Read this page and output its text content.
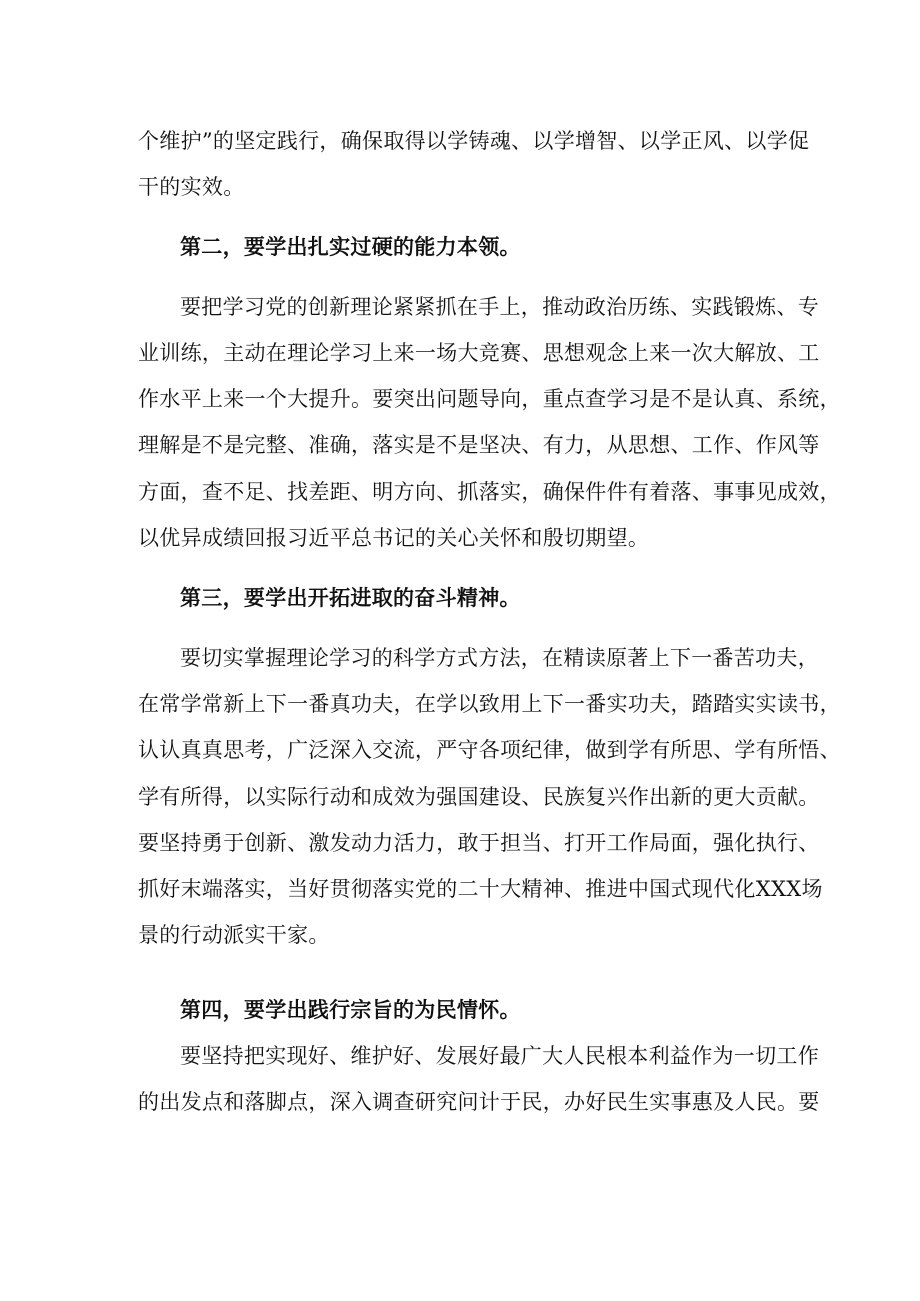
个维护”的坚定践行，确保取得以学铸魂、以学增智、以学正风、以学促
干的实效。
第二，要学出扎实过硬的能力本领。
要把学习党的创新理论紧紧抓在手上，推动政治历练、实践锻炼、专
业训练，主动在理论学习上来一场大竞赛、思想观念上来一次大解放、工
作水平上来一个大提升。要突出问题导向，重点查学习是不是认真、系统，
理解是不是完整、准确，落实是不是坚决、有力，从思想、工作、作风等
方面，查不足、找差距、明方向、抓落实，确保件件有着落、事事见成效，
以优异成绩回报习近平总书记的关心关怀和殷切期望。
第三，要学出开拓进取的奋斗精神。
要切实掌握理论学习的科学方式方法，在精读原著上下一番苦功夫，
在常学常新上下一番真功夫，在学以致用上下一番实功夫，踏踏实实读书，
认认真真思考，广泛深入交流，严守各项纪律，做到学有所思、学有所悟、
学有所得，以实际行动和成效为强国建设、民族复兴作出新的更大贡献。
要坚持勇于创新、激发动力活力，敢于担当、打开工作局面，强化执行、
抓好末端落实，当好贯彻落实党的二十大精神、推进中国式现代化XXX场
景的行动派实干家。
第四，要学出践行宗旨的为民情怀。
要坚持把实现好、维护好、发展好最广大人民根本利益作为一切工作
的出发点和落脚点，深入调查研究问计于民，办好民生实事惠及人民。要
